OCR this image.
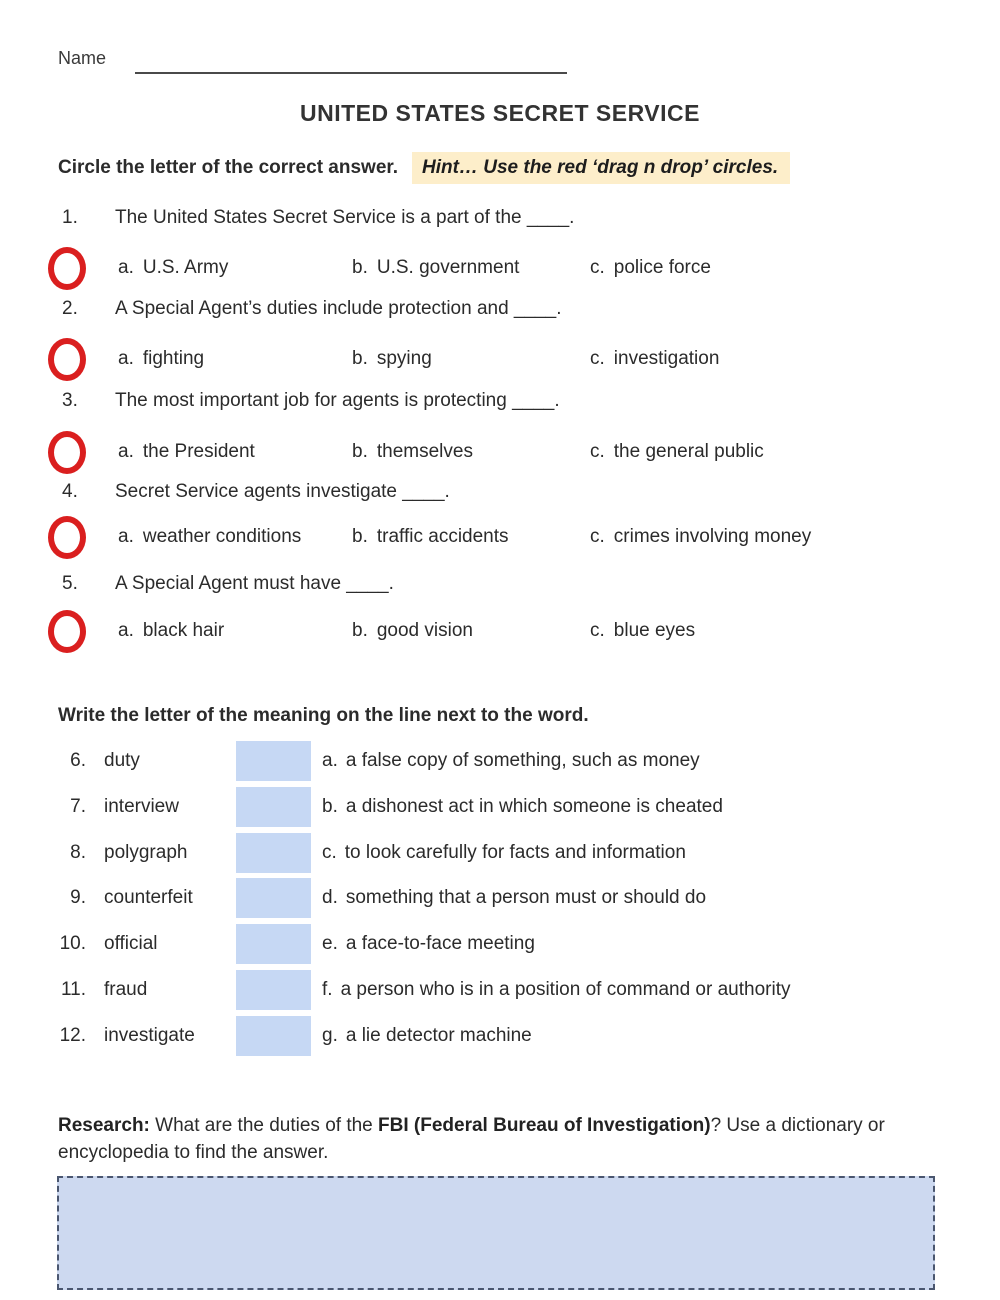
Name
UNITED STATES SECRET SERVICE
Circle the letter of the correct answer. Hint… Use the red ‘drag n drop’ circles.
1.	The United States Secret Service is a part of the ____.
a. U.S. Army	b. U.S. government	c. police force
2.	A Special Agent’s duties include protection and ____.
a. fighting	b. spying	c. investigation
3.	The most important job for agents is protecting ____.
a. the President	b. themselves	c. the general public
4.	Secret Service agents investigate ____.
a. weather conditions	b. traffic accidents	c. crimes involving money
5.	A Special Agent must have ____.
a. black hair	b. good vision	c. blue eyes
Write the letter of the meaning on the line next to the word.
6. duty	a. a false copy of something, such as money
7. interview	b. a dishonest act in which someone is cheated
8. polygraph	c. to look carefully for facts and information
9. counterfeit	d. something that a person must or should do
10. official	e. a face-to-face meeting
11. fraud	f. a person who is in a position of command or authority
12. investigate	g. a lie detector machine
Research: What are the duties of the FBI (Federal Bureau of Investigation)? Use a dictionary or encyclopedia to find the answer.
